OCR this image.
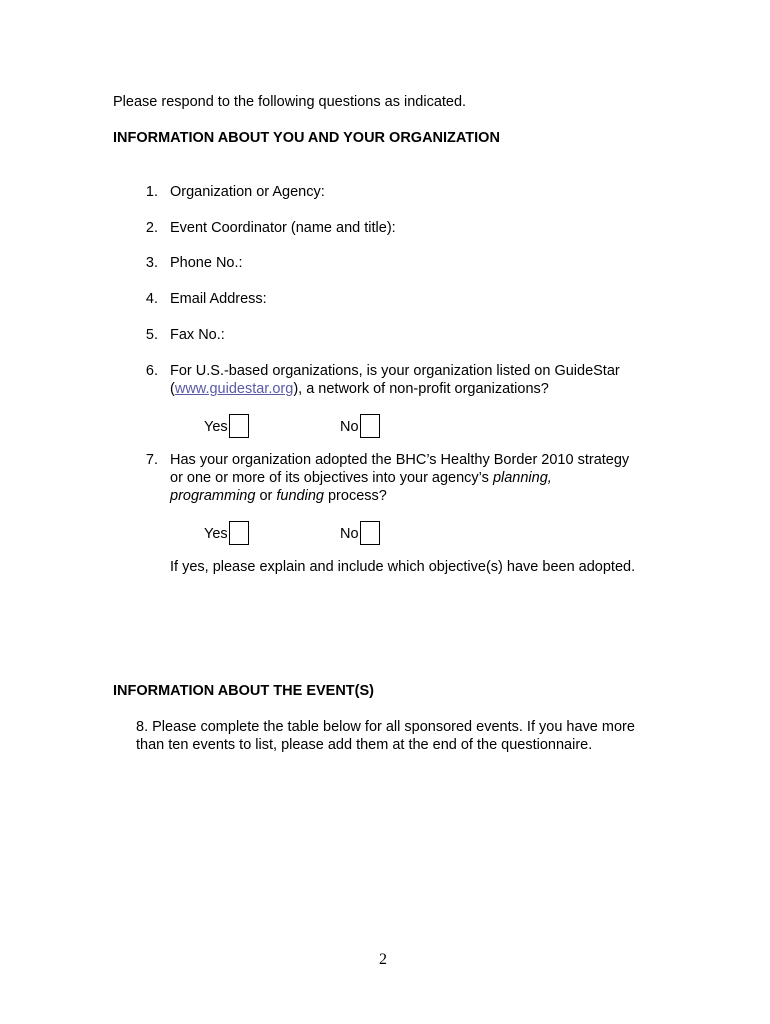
Please respond to the following questions as indicated.
INFORMATION ABOUT YOU AND YOUR ORGANIZATION
1. Organization or Agency:
2. Event Coordinator (name and title):
3. Phone No.:
4. Email Address:
5. Fax No.:
6. For U.S.-based organizations, is your organization listed on GuideStar
(www.guidestar.org), a network of non-profit organizations?
Yes	No
7. Has your organization adopted the BHC’s Healthy Border 2010 strategy
or one or more of its objectives into your agency’s planning,
programming or funding process?
Yes	No
If yes, please explain and include which objective(s) have been adopted.
INFORMATION ABOUT THE EVENT(S)
8. Please complete the table below for all sponsored events. If you have more
than ten events to list, please add them at the end of the questionnaire.
2
